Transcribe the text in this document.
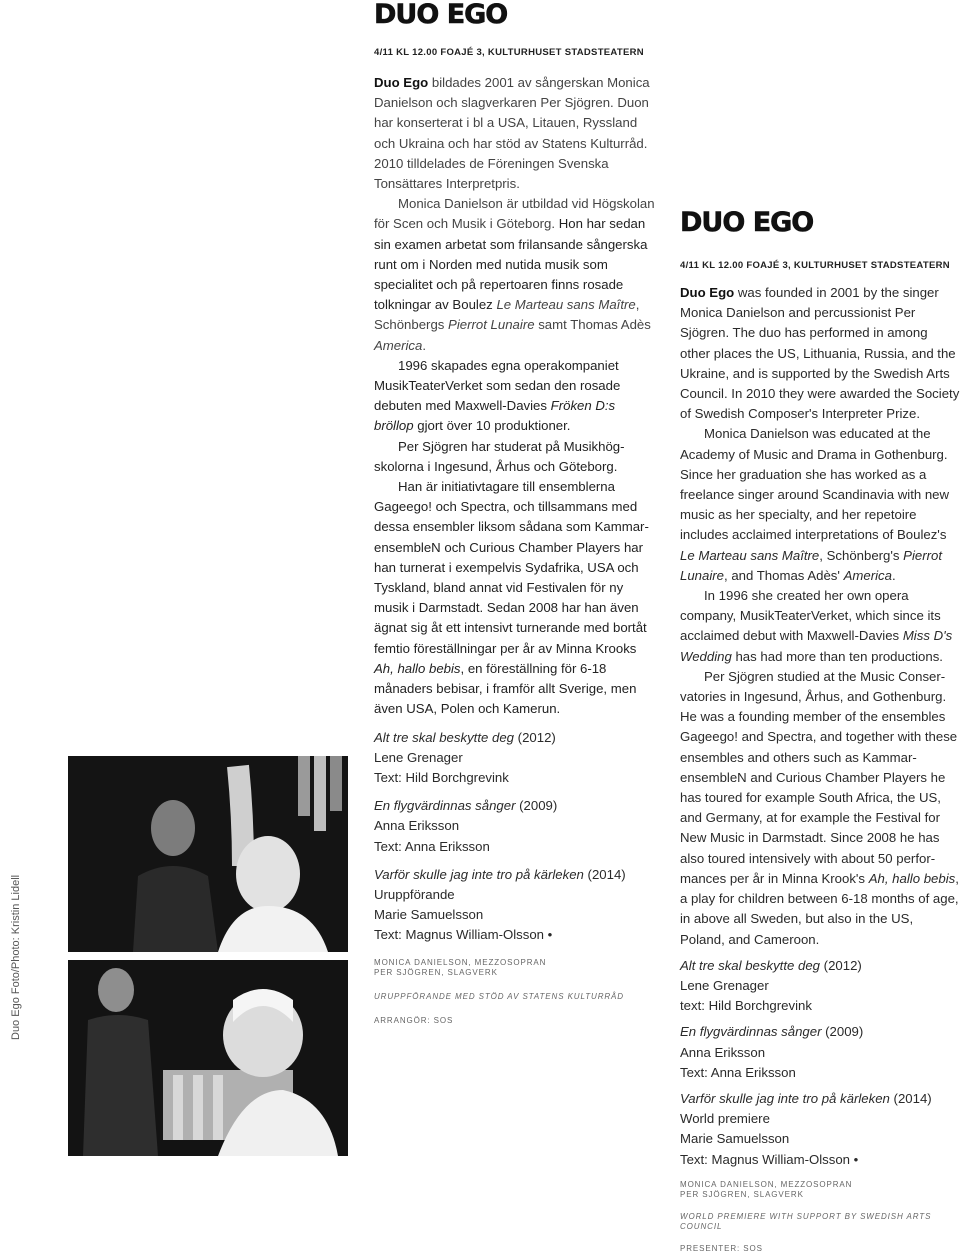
Duo Ego Foto/Photo: Kristin Lidell
DUO EGO
4/11 KL 12.00 FOAJÉ 3, KULTURHUSET STADSTEATERN

Duo Ego bildades 2001 av sångerskan Monica Danielson och slagverkaren Per Sjögren. Duon har konserterat i bl a USA, Litauen, Ryssland och Ukraina och har stöd av Statens Kulturråd. 2010 tilldelades de Föreningen Svenska Tonsättares Interpretpris.

Monica Danielson är utbildad vid Högskolan för Scen och Musik i Göteborg. Hon har sedan sin examen arbetat som frilansande sångerska runt om i Norden med nutida musik som specialitet och på repertoaren finns rosade tolkningar av Boulez Le Marteau sans Maître, Schönbergs Pierrot Lunaire samt Thomas Adès America.

1996 skapades egna operakompaniet MusikTeaterVerket som sedan den rosade debuten med Maxwell-Davies Fröken D:s bröllop gjort över 10 produktioner.

Per Sjögren har studerat på Musikhögskolorna i Ingesund, Århus och Göteborg.

Han är initiativtagare till ensemblerna Gageego! och Spectra, och tillsammans med dessa ensembler liksom sådana som KammarensembleN och Curious Chamber Players har han turnerat i exempelvis Sydafrika, USA och Tyskland, bland annat vid Festivalen för ny musik i Darmstadt. Sedan 2008 har han även ägnat sig åt ett intensivt turnerande med bortåt femtio föreställningar per år av Minna Krooks Ah, hallo bebis, en föreställning för 6-18 månaders bebisar, i framför allt Sverige, men även USA, Polen och Kamerun.

Alt tre skal beskytte deg (2012)

Lene Grenager

Text: Hild Borchgrevink

En flygvärdinnas sånger (2009)

Anna Eriksson

Text: Anna Eriksson

Varför skulle jag inte tro på kärleken (2014)

Uruppförande

Marie Samuelsson

Text: Magnus William-Olsson •

MONICA DANIELSON, MEZZOSOPRAN

PER SJÖGREN, SLAGVERK

URUPPFÖRANDE MED STÖD AV STATENS KULTURRÅD

ARRANGÖR: SOS

DUO EGO
4/11 KL 12.00 FOAJÉ 3, KULTURHUSET STADSTEATERN

Duo Ego was founded in 2001 by the singer Monica Danielson and percussionist Per Sjögren. The duo has performed in among other places the US, Lithuania, Russia, and the Ukraine, and is supported by the Swedish Arts Council. In 2010 they were awarded the Society of Swedish Composer's Interpreter Prize.

Monica Danielson was educated at the Academy of Music and Drama in Gothenburg. Since her graduation she has worked as a freelance singer around Scandinavia with new music as her specialty, and her repetoire includes acclaimed interpretations of Boulez's Le Marteau sans Maître, Schönberg's Pierrot Lunaire, and Thomas Adès' America.

In 1996 she created her own opera company, MusikTeaterVerket, which since its acclaimed debut with Maxwell-Davies Miss D's Wedding has had more than ten productions.

Per Sjögren studied at the Music Conservatories in Ingesund, Århus, and Gothenburg. He was a founding member of the ensembles Gageego! and Spectra, and together with these ensembles and others such as KammarensembleN and Curious Chamber Players he has toured for example South Africa, the US, and Germany, at for example the Festival for New Music in Darmstadt. Since 2008 he has also toured intensively with about 50 perfor-mances per år in Minna Krook's Ah, hallo bebis, a play for children between 6-18 months of age, in above all Sweden, but also in the US, Poland, and Cameroon.

Alt tre skal beskytte deg (2012)

Lene Grenager

text: Hild Borchgrevink

En flygvärdinnas sånger (2009)

Anna Eriksson

Text: Anna Eriksson

Varför skulle jag inte tro på kärleken (2014)

World premiere

Marie Samuelsson

Text: Magnus William-Olsson •

MONICA DANIELSON, MEZZOSOPRAN

PER SJÖGREN, SLAGVERK

WORLD PREMIERE WITH SUPPORT BY SWEDISH ARTS COUNCIL

PRESENTER: SOS
